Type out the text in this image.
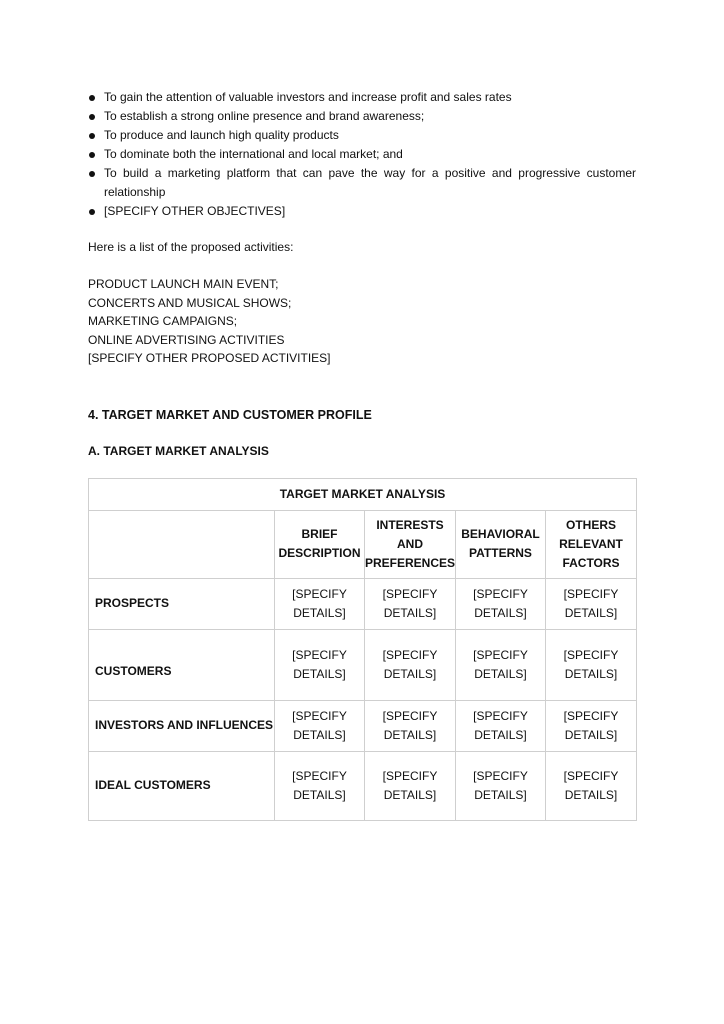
To gain the attention of valuable investors and increase profit and sales rates
To establish a strong online presence and brand awareness;
To produce and launch high quality products
To dominate both the international and local market; and
To build a marketing platform that can pave the way for a positive and progressive customer relationship
[SPECIFY OTHER OBJECTIVES]
Here is a list of the proposed activities:
PRODUCT LAUNCH MAIN EVENT;
CONCERTS AND MUSICAL SHOWS;
MARKETING CAMPAIGNS;
ONLINE ADVERTISING ACTIVITIES
[SPECIFY OTHER PROPOSED ACTIVITIES]
4. TARGET MARKET AND CUSTOMER PROFILE
A. TARGET MARKET ANALYSIS
TARGET MARKET ANALYSIS				
	BRIEF DESCRIPTION	INTERESTS AND PREFERENCES	BEHAVIORAL PATTERNS	OTHERS RELEVANT FACTORS
PROSPECTS	[SPECIFY DETAILS]	[SPECIFY DETAILS]	[SPECIFY DETAILS]	[SPECIFY DETAILS]
CUSTOMERS	[SPECIFY DETAILS]	[SPECIFY DETAILS]	[SPECIFY DETAILS]	[SPECIFY DETAILS]
INVESTORS AND INFLUENCES	[SPECIFY DETAILS]	[SPECIFY DETAILS]	[SPECIFY DETAILS]	[SPECIFY DETAILS]
IDEAL CUSTOMERS	[SPECIFY DETAILS]	[SPECIFY DETAILS]	[SPECIFY DETAILS]	[SPECIFY DETAILS]
